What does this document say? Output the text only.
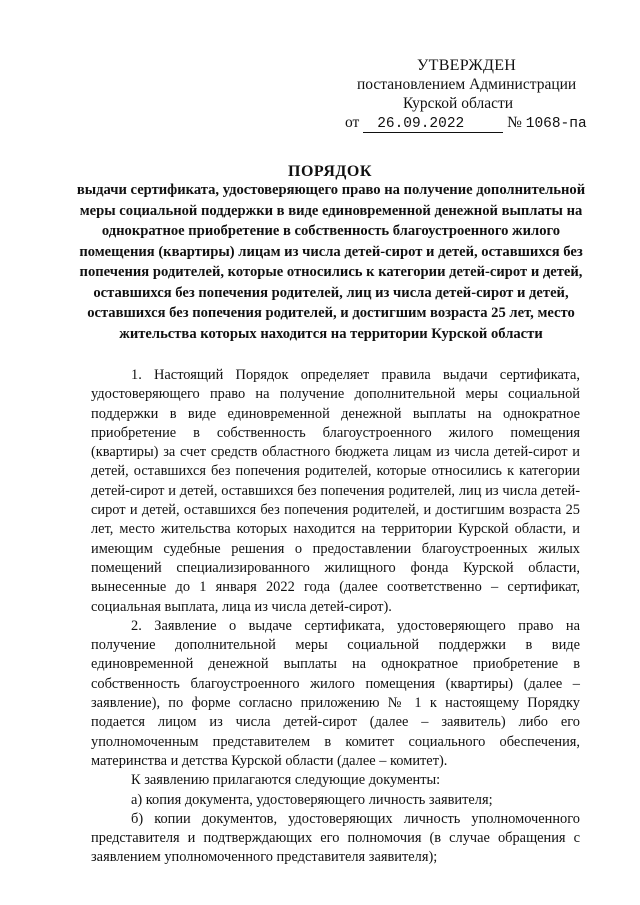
УТВЕРЖДЕН
постановлением Администрации
Курской области
от 26.09.2022	№ 1068-па
ПОРЯДОК
выдачи сертификата, удостоверяющего право на получение дополнительной меры социальной поддержки в виде единовременной денежной выплаты на однократное приобретение в собственность благоустроенного жилого помещения (квартиры) лицам из числа детей-сирот и детей, оставшихся без попечения родителей, которые относились к категории детей-сирот и детей, оставшихся без попечения родителей, лиц из числа детей-сирот и детей, оставшихся без попечения родителей, и достигшим возраста 25 лет, место жительства которых находится на территории Курской области

1. Настоящий Порядок определяет правила выдачи сертификата, удостоверяющего право на получение дополнительной меры социальной поддержки в виде единовременной денежной выплаты на однократное приобретение в собственность благоустроенного жилого помещения (квартиры) за счет средств областного бюджета лицам из числа детей-сирот и детей, оставшихся без попечения родителей, которые относились к категории детей-сирот и детей, оставшихся без попечения родителей, лиц из числа детей-сирот и детей, оставшихся без попечения родителей, и достигшим возраста 25 лет, место жительства которых находится на территории Курской области, и имеющим судебные решения о предоставлении благоустроенных жилых помещений специализированного жилищного фонда Курской области, вынесенные до 1 января 2022 года (далее соответственно – сертификат, социальная выплата, лица из числа детей-сирот).

2. Заявление о выдаче сертификата, удостоверяющего право на получение дополнительной меры социальной поддержки в виде единовременной денежной выплаты на однократное приобретение в собственность благоустроенного жилого помещения (квартиры) (далее – заявление), по форме согласно приложению № 1 к настоящему Порядку подается лицом из числа детей-сирот (далее – заявитель) либо его уполномоченным представителем в комитет социального обеспечения, материнства и детства Курской области (далее – комитет).

К заявлению прилагаются следующие документы:

а) копия документа, удостоверяющего личность заявителя;

б) копии документов, удостоверяющих личность уполномоченного представителя и подтверждающих его полномочия (в случае обращения с заявлением уполномоченного представителя заявителя);
